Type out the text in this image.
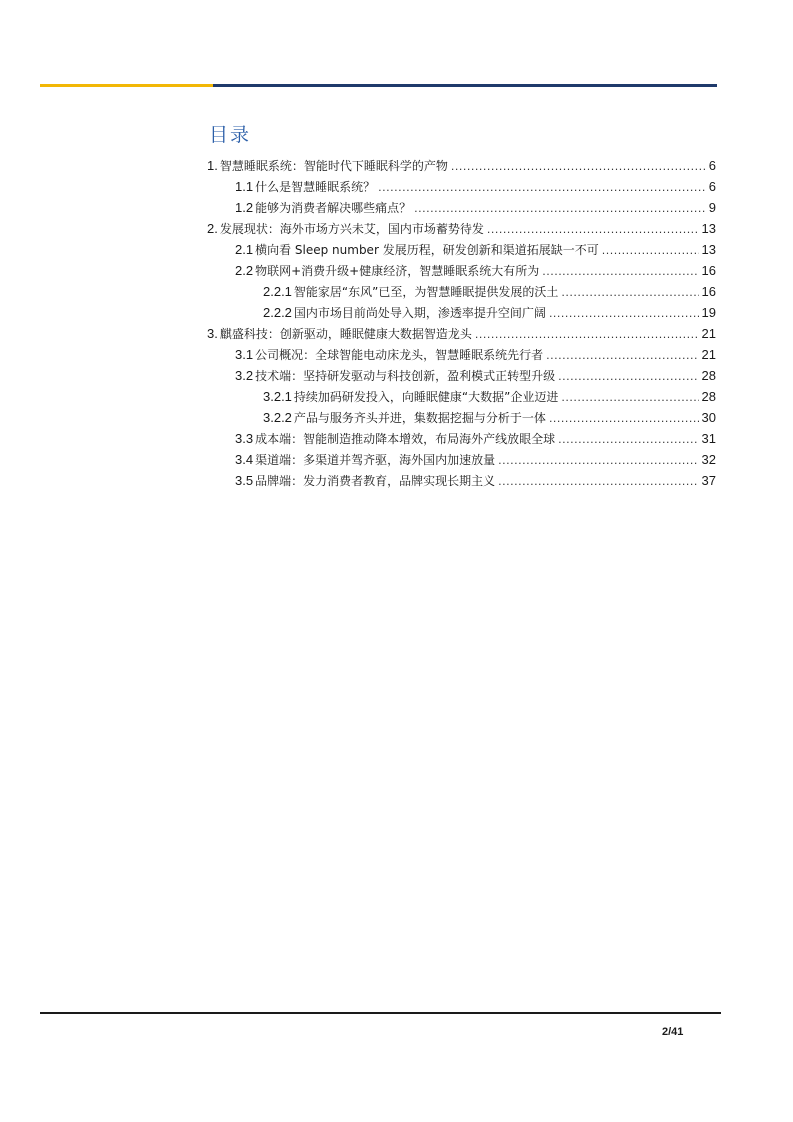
目录
1. 智慧睡眠系统：智能时代下睡眠科学的产物 .....	6
1.1 什么是智慧睡眠系统？ .....	6
1.2 能够为消费者解决哪些痛点？ .....	9
2. 发展现状：海外市场方兴未艾，国内市场蓄势待发 .....	13
2.1 横向看 Sleep number 发展历程，研发创新和渠道拓展缺一不可 .....	13
2.2 物联网+消费升级+健康经济，智慧睡眠系统大有所为 .....	16
2.2.1 智能家居“东风”已至，为智慧睡眠提供发展的沃土 .....	16
2.2.2 国内市场目前尚处导入期，渗透率提升空间广阔 .....	19
3. 麒盛科技：创新驱动，睡眠健康大数据智造龙头 .....	21
3.1 公司概况：全球智能电动床龙头，智慧睡眠系统先行者 .....	21
3.2 技术端：坚持研发驱动与科技创新，盈利模式正转型升级 .....	28
3.2.1 持续加码研发投入，向睡眠健康“大数据”企业迈进 .....	28
3.2.2 产品与服务齐头并进，集数据挖掘与分析于一体 .....	30
3.3 成本端：智能制造推动降本增效，布局海外产线放眼全球 .....	31
3.4 渠道端：多渠道并驾齐驱，海外国内加速放量 .....	32
3.5 品牌端：发力消费者教育，品牌实现长期主义 .....	37
2/41
